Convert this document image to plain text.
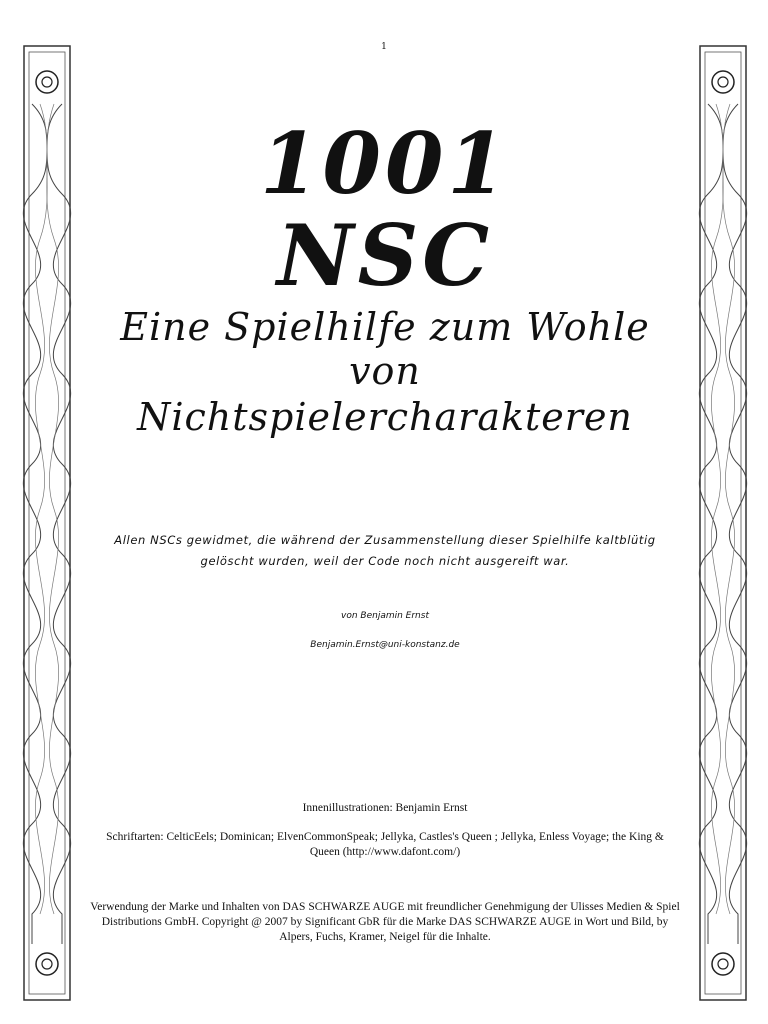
1
1001 NSC
Eine Spielhilfe zum Wohle von
Nichtspielercharakteren
Allen NSCs gewidmet, die während der Zusammenstellung dieser Spielhilfe kaltblütig gelöscht wurden, weil der Code noch nicht ausgereift war.
von Benjamin Ernst
Benjamin.Ernst@uni-konstanz.de
Innenillustrationen: Benjamin Ernst
Schriftarten: CelticEels; Dominican; ElvenCommonSpeak; Jellyka, Castles's Queen ; Jellyka, Enless Voyage; the King & Queen (http://www.dafont.com/)
Verwendung der Marke und Inhalten von DAS SCHWARZE AUGE mit freundlicher Genehmigung der Ulisses Medien & Spiel Distributions GmbH. Copyright @ 2007 by Significant GbR für die Marke DAS SCHWARZE AUGE in Wort und Bild, by Alpers, Fuchs, Kramer, Neigel für die Inhalte.
